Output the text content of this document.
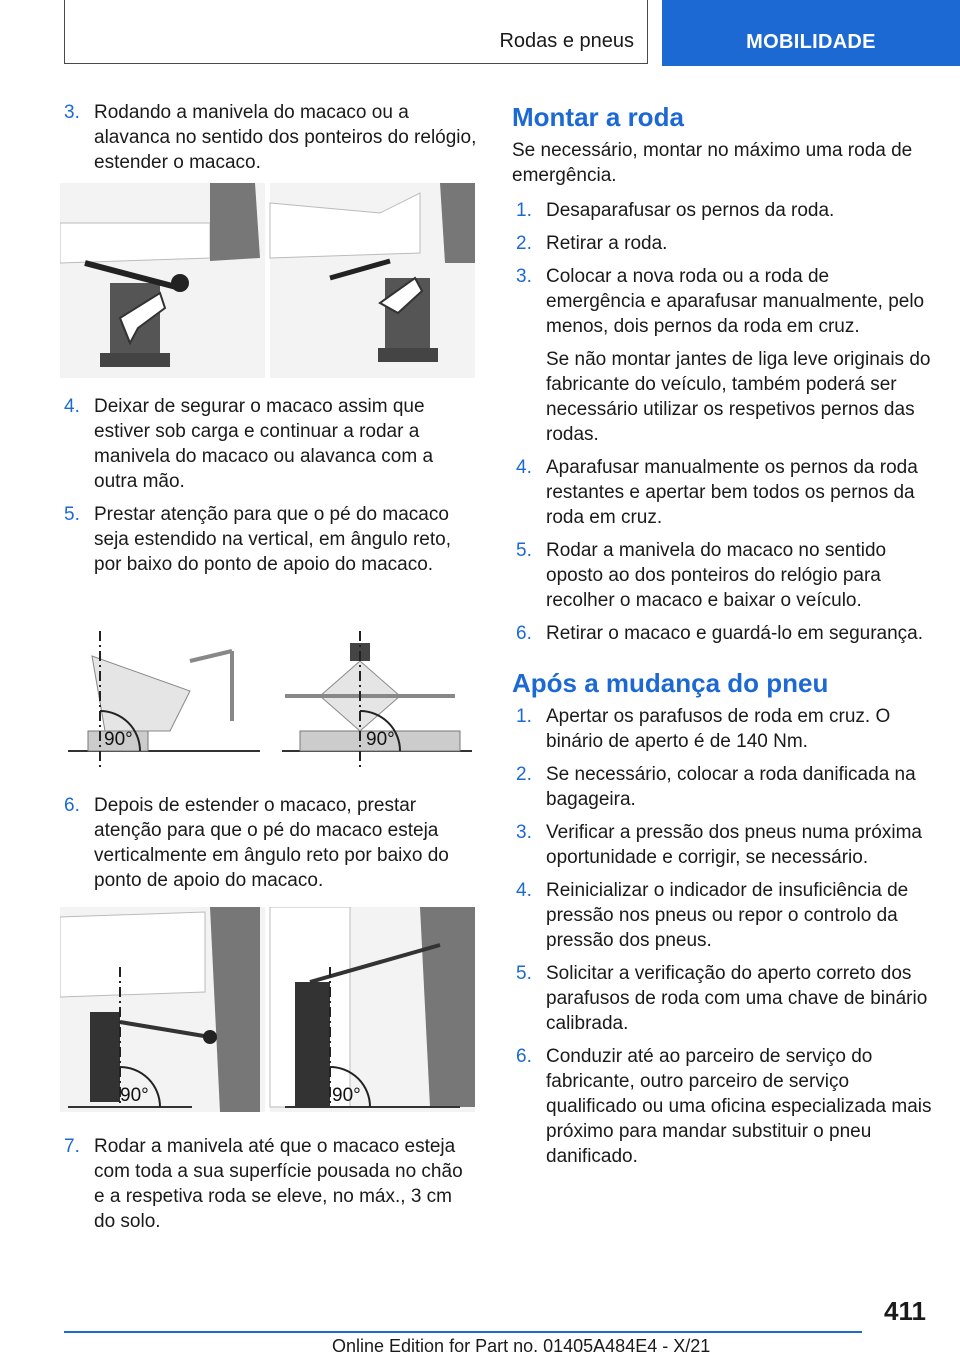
Rodas e pneus	MOBILIDADE
3. Rodando a manivela do macaco ou a alavanca no sentido dos ponteiros do relógio, estender o macaco.
4. Deixar de segurar o macaco assim que estiver sob carga e continuar a rodar a manivela do macaco ou alavanca com a outra mão.
5. Prestar atenção para que o pé do macaco seja estendido na vertical, em ângulo reto, por baixo do ponto de apoio do macaco.
90°	90°
6. Depois de estender o macaco, prestar atenção para que o pé do macaco esteja verticalmente em ângulo reto por baixo do ponto de apoio do macaco.
90°	90°
7. Rodar a manivela até que o macaco esteja com toda a sua superfície pousada no chão e a respetiva roda se eleve, no máx., 3 cm do solo.
Montar a roda
Se necessário, montar no máximo uma roda de emergência.
1. Desaparafusar os pernos da roda.
2. Retirar a roda.
3. Colocar a nova roda ou a roda de emergência e aparafusar manualmente, pelo menos, dois pernos da roda em cruz.
Se não montar jantes de liga leve originais do fabricante do veículo, também poderá ser necessário utilizar os respetivos pernos das rodas.
4. Aparafusar manualmente os pernos da roda restantes e apertar bem todos os pernos da roda em cruz.
5. Rodar a manivela do macaco no sentido oposto ao dos ponteiros do relógio para recolher o macaco e baixar o veículo.
6. Retirar o macaco e guardá-lo em segurança.
Após a mudança do pneu
1. Apertar os parafusos de roda em cruz. O binário de aperto é de 140 Nm.
2. Se necessário, colocar a roda danificada na bagageira.
3. Verificar a pressão dos pneus numa próxima oportunidade e corrigir, se necessário.
4. Reinicializar o indicador de insuficiência de pressão nos pneus ou repor o controlo da pressão dos pneus.
5. Solicitar a verificação do aperto correto dos parafusos de roda com uma chave de binário calibrada.
6. Conduzir até ao parceiro de serviço do fabricante, outro parceiro de serviço qualificado ou uma oficina especializada mais próximo para mandar substituir o pneu danificado.
411
Online Edition for Part no. 01405A484E4 - X/21
